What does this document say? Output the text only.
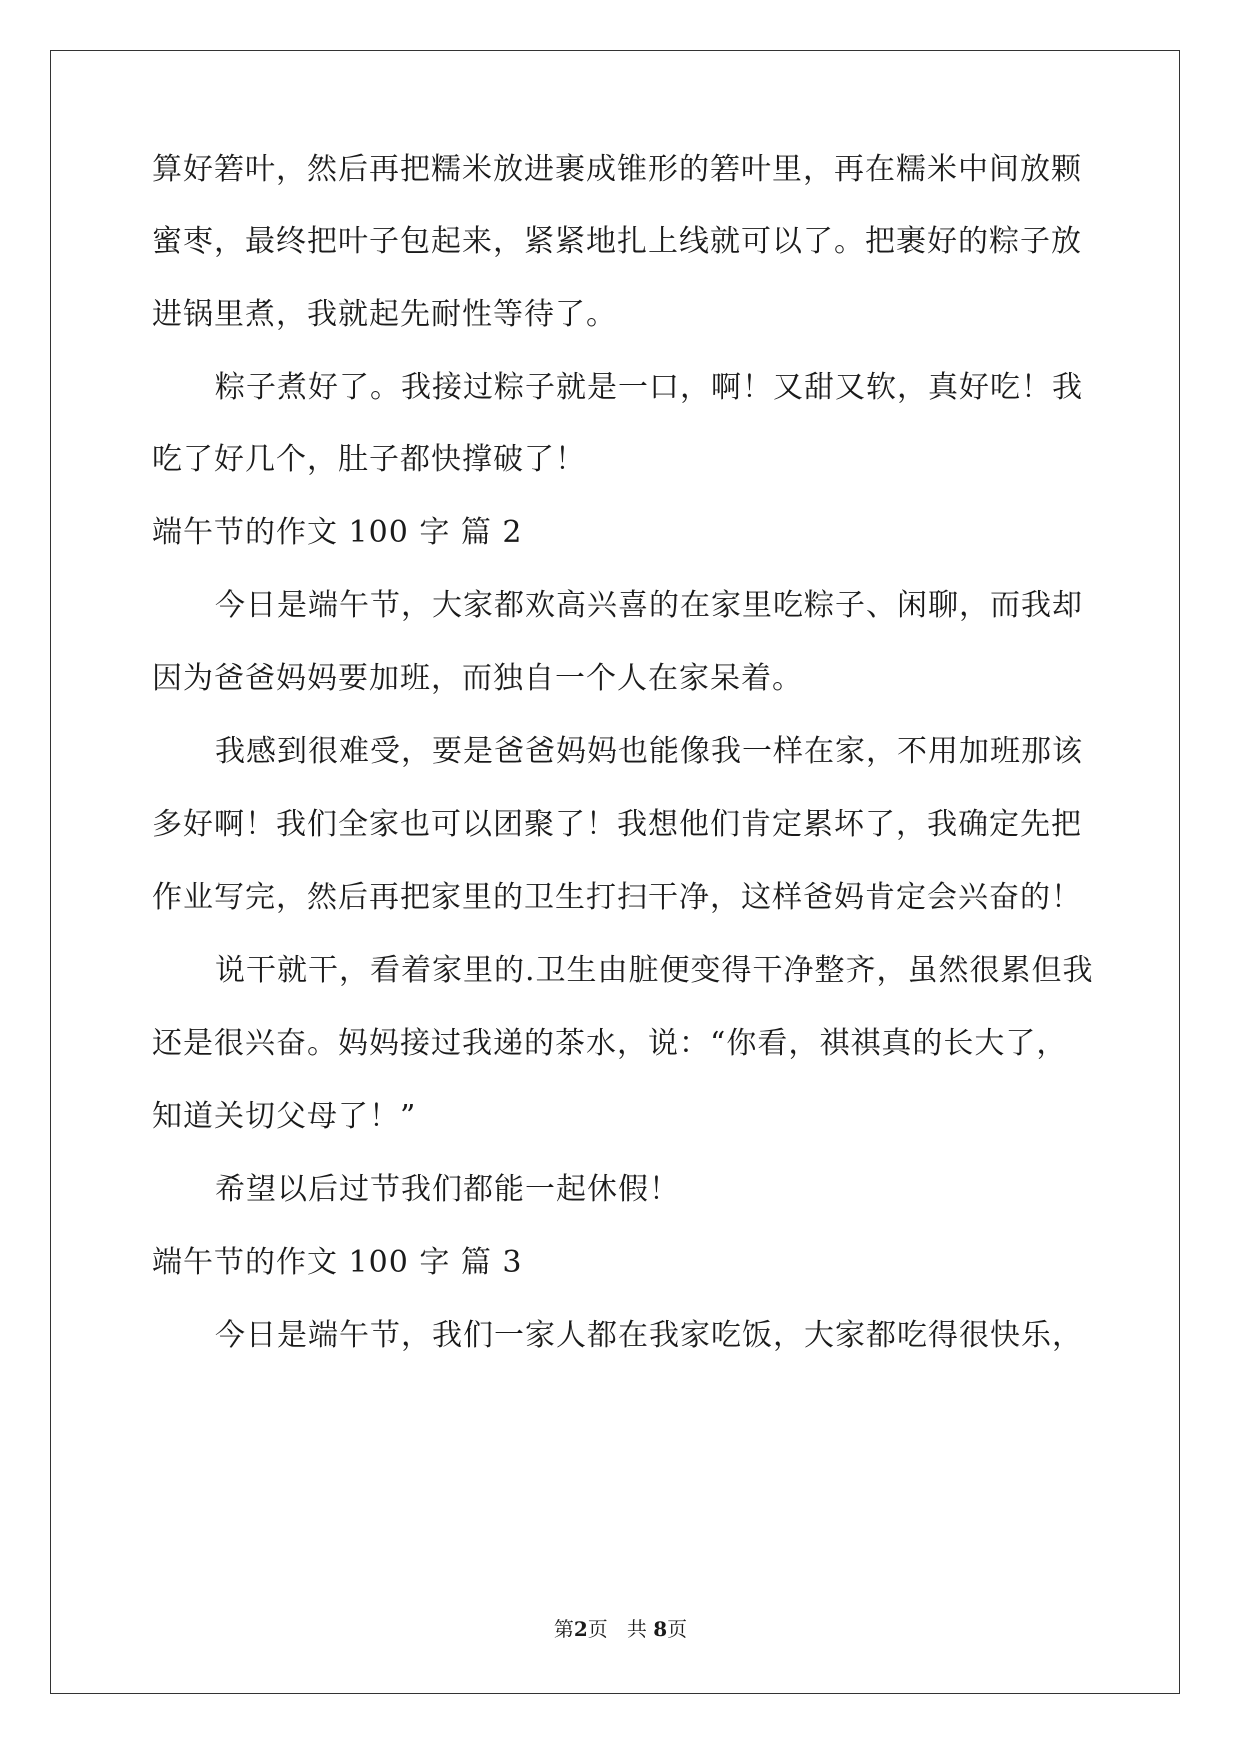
算好箬叶，然后再把糯米放进裹成锥形的箬叶里，再在糯米中间放颗
蜜枣，最终把叶子包起来，紧紧地扎上线就可以了。把裹好的粽子放
进锅里煮，我就起先耐性等待了。
粽子煮好了。我接过粽子就是一口，啊！又甜又软，真好吃！我
吃了好几个，肚子都快撑破了！
端午节的作文 100 字 篇 2
今日是端午节，大家都欢高兴喜的在家里吃粽子、闲聊，而我却
因为爸爸妈妈要加班，而独自一个人在家呆着。
我感到很难受，要是爸爸妈妈也能像我一样在家，不用加班那该
多好啊！我们全家也可以团聚了！我想他们肯定累坏了，我确定先把
作业写完，然后再把家里的卫生打扫干净，这样爸妈肯定会兴奋的！
说干就干，看着家里的.卫生由脏便变得干净整齐，虽然很累但我
还是很兴奋。妈妈接过我递的茶水，说：“你看，祺祺真的长大了，
知道关切父母了！”
希望以后过节我们都能一起休假！
端午节的作文 100 字 篇 3
今日是端午节，我们一家人都在我家吃饭，大家都吃得很快乐，
第2页 共 8页
